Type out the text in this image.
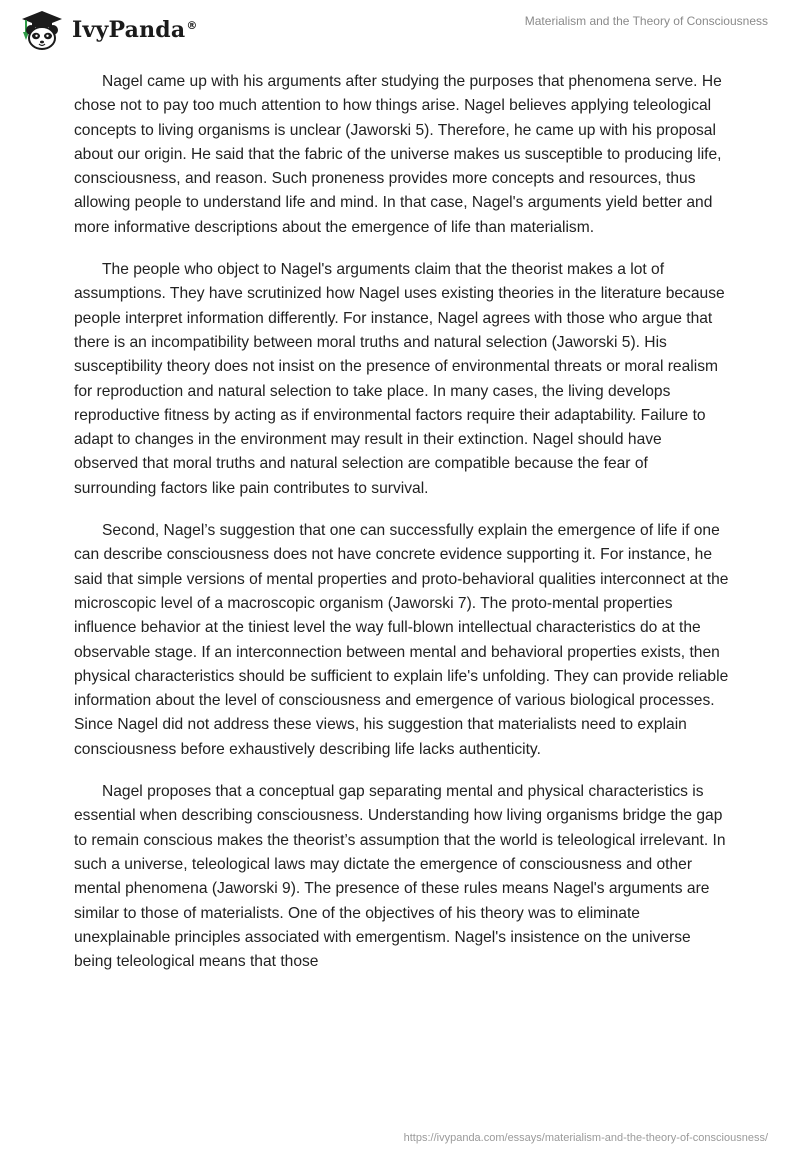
IvyPanda®	Materialism and the Theory of Consciousness

Nagel came up with his arguments after studying the purposes that phenomena serve. He chose not to pay too much attention to how things arise. Nagel believes applying teleological concepts to living organisms is unclear (Jaworski 5). Therefore, he came up with his proposal about our origin. He said that the fabric of the universe makes us susceptible to producing life, consciousness, and reason. Such proneness provides more concepts and resources, thus allowing people to understand life and mind. In that case, Nagel's arguments yield better and more informative descriptions about the emergence of life than materialism.

The people who object to Nagel's arguments claim that the theorist makes a lot of assumptions. They have scrutinized how Nagel uses existing theories in the literature because people interpret information differently. For instance, Nagel agrees with those who argue that there is an incompatibility between moral truths and natural selection (Jaworski 5). His susceptibility theory does not insist on the presence of environmental threats or moral realism for reproduction and natural selection to take place. In many cases, the living develops reproductive fitness by acting as if environmental factors require their adaptability. Failure to adapt to changes in the environment may result in their extinction. Nagel should have observed that moral truths and natural selection are compatible because the fear of surrounding factors like pain contributes to survival.

Second, Nagel’s suggestion that one can successfully explain the emergence of life if one can describe consciousness does not have concrete evidence supporting it. For instance, he said that simple versions of mental properties and proto-behavioral qualities interconnect at the microscopic level of a macroscopic organism (Jaworski 7). The proto-mental properties influence behavior at the tiniest level the way full-blown intellectual characteristics do at the observable stage. If an interconnection between mental and behavioral properties exists, then physical characteristics should be sufficient to explain life's unfolding. They can provide reliable information about the level of consciousness and emergence of various biological processes. Since Nagel did not address these views, his suggestion that materialists need to explain consciousness before exhaustively describing life lacks authenticity.

Nagel proposes that a conceptual gap separating mental and physical characteristics is essential when describing consciousness. Understanding how living organisms bridge the gap to remain conscious makes the theorist’s assumption that the world is teleological irrelevant. In such a universe, teleological laws may dictate the emergence of consciousness and other mental phenomena (Jaworski 9). The presence of these rules means Nagel's arguments are similar to those of materialists. One of the objectives of his theory was to eliminate unexplainable principles associated with emergentism. Nagel's insistence on the universe being teleological means that those

https://ivypanda.com/essays/materialism-and-the-theory-of-consciousness/
